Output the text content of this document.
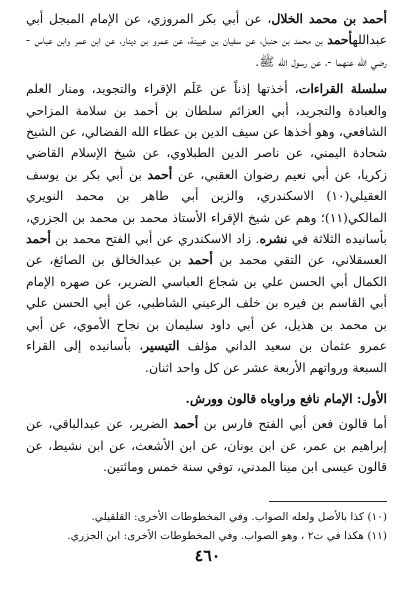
أحمد بن محمد الخلال، عن أبي بكر المروزي، عن الإمام المبجل أبي عبداللهأحمد بن محمد بن حنبل، عن سفيان بن عيينة، عن عمرو بن دينار، عن ابن عمر وابن عباس - رضي الله عنهما -، عن رسول الله ﷺ.

سلسلة القراءات، أخذتها إذناً عن عَلَم الإقراء والتجويد، ومنار العلم والعبادة والتجريد، أبي العزائم سلطان بن أحمد بن سلامة المزاحي الشافعي، وهو أخذها عن سيف الدين بن عطاء الله الفضالي، عن الشيخ شحادة اليمني، عن ناصر الدين الطبلاوي، عن شيخ الإسلام القاضي زكريا، عن أبي نعيم رضوان العقبي، عن أحمد بن أبي بكر بن يوسف العقيلي(١٠) الاسكندري، والزين أبي طاهر بن محمد النويري المالكي(١١)؛ وهم عن شيخ الإقراء الأستاذ محمد بن محمد بن الجزري، بأسانيده الثلاثة في نشره. زاد الاسكندري عن أبي الفتح محمد بن أحمد العسقلاني، عن التقي محمد بن أحمد بن عبدالخالق بن الصائغ، عن الكمال أبي الحسن علي بن شجاع العباسي الضرير، عن صهره الإمام أبي القاسم بن فيره بن خلف الرعيني الشاطبي، عن أبي الحسن علي بن محمد بن هذيل، عن أبي داود سليمان بن نجاح الأموي، عن أبي عمرو عثمان بن سعيد الداني مؤلف التيسير، بأسانيده إلى القراء السبعة ورواتهم الأربعة عشر عن كل واحد اثنان.

الأول: الإمام نافع وراوياه قالون وورش.

أما قالون فعن أبي الفتح فارس بن أحمد الضرير، عن عبدالباقي، عن إبراهيم بن عمر، عن ابن يونان، عن ابن الأشعث، عن ابن نشيط، عن قالون عيسى ابن مينا المدني، توفي سنة خمس ومائتين.

(١٠) كذا بالأصل ولعله الصواب. وفي المخطوطات الأخرى: القلقيلي.

(١١) هكذا في ت٢ ، وهو الصواب. وفي المخطوطات الأخرى: ابن الجزري.

٤٦٠
